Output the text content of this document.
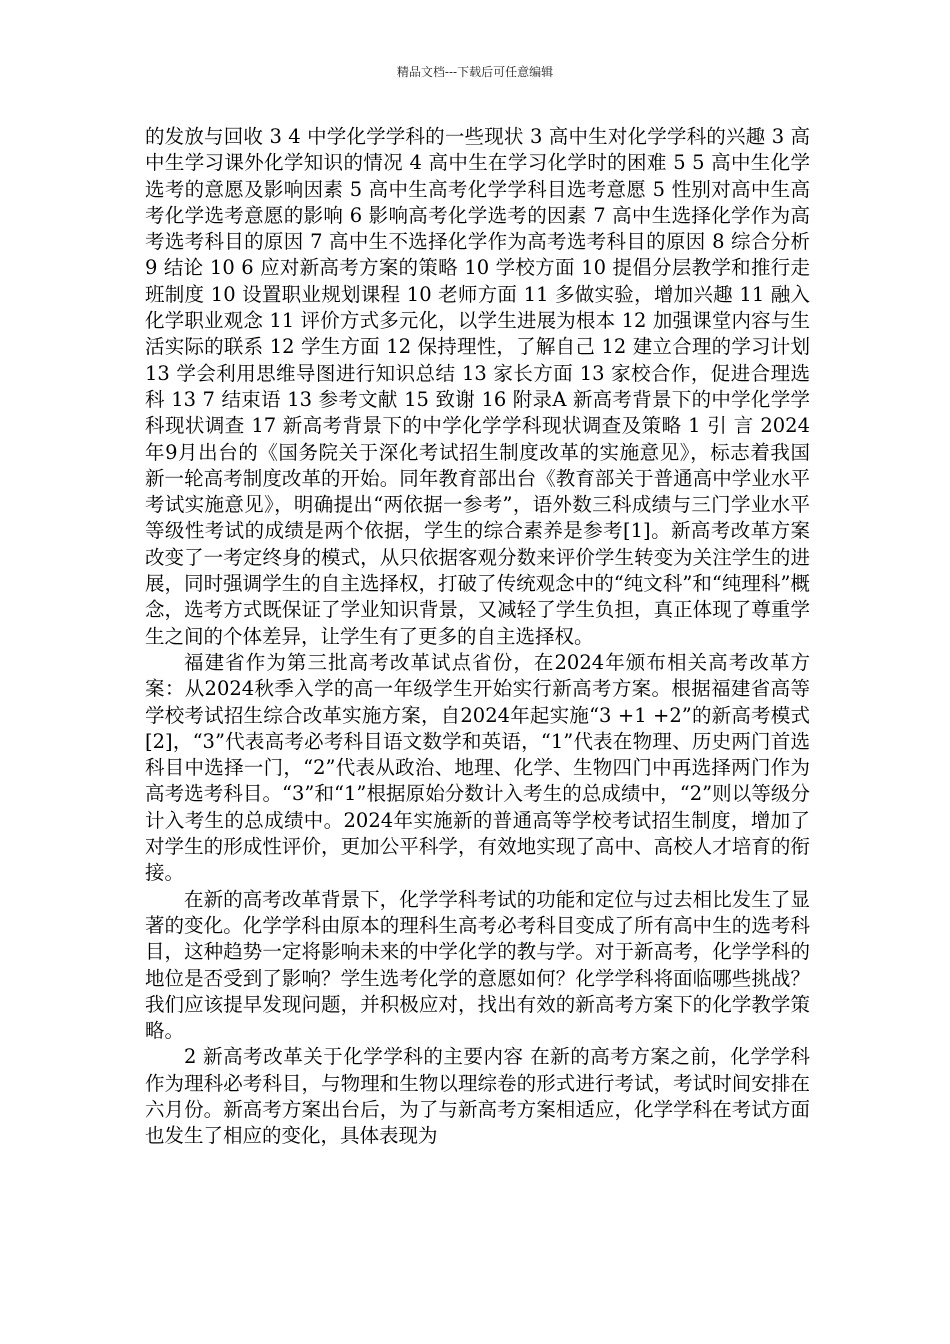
精品文档---下载后可任意编辑

的发放与回收 3 4 中学化学学科的一些现状 3 高中生对化学学科的兴趣 3 高中生学习课外化学知识的情况 4 高中生在学习化学时的困难 5 5 高中生化学选考的意愿及影响因素 5 高中生高考化学学科目选考意愿 5 性别对高中生高考化学选考意愿的影响 6 影响高考化学选考的因素 7 高中生选择化学作为高考选考科目的原因 7 高中生不选择化学作为高考选考科目的原因 8 综合分析 9 结论 10 6 应对新高考方案的策略 10 学校方面 10 提倡分层教学和推行走班制度 10 设置职业规划课程 10 老师方面 11 多做实验，增加兴趣 11 融入化学职业观念 11 评价方式多元化，以学生进展为根本 12 加强课堂内容与生活实际的联系 12 学生方面 12 保持理性，了解自己 12 建立合理的学习计划 13 学会利用思维导图进行知识总结 13 家长方面 13 家校合作，促进合理选科 13 7 结束语 13 参考文献 15 致谢 16 附录A 新高考背景下的中学化学学科现状调查 17 新高考背景下的中学化学学科现状调查及策略 1 引 言 2024年9月出台的《国务院关于深化考试招生制度改革的实施意见》，标志着我国新一轮高考制度改革的开始。同年教育部出台《教育部关于普通高中学业水平考试实施意见》，明确提出“两依据一参考”，语外数三科成绩与三门学业水平等级性考试的成绩是两个依据，学生的综合素养是参考[1]。新高考改革方案改变了一考定终身的模式，从只依据客观分数来评价学生转变为关注学生的进展，同时强调学生的自主选择权，打破了传统观念中的“纯文科”和“纯理科”概念，选考方式既保证了学业知识背景，又减轻了学生负担，真正体现了尊重学生之间的个体差异，让学生有了更多的自主选择权。

福建省作为第三批高考改革试点省份，在2024年颁布相关高考改革方案：从2024秋季入学的高一年级学生开始实行新高考方案。根据福建省高等学校考试招生综合改革实施方案，自2024年起实施“3 +1 +2”的新高考模式[2]，“3”代表高考必考科目语文数学和英语，“1”代表在物理、历史两门首选科目中选择一门，“2”代表从政治、地理、化学、生物四门中再选择两门作为高考选考科目。“3”和“1”根据原始分数计入考生的总成绩中，“2”则以等级分计入考生的总成绩中。2024年实施新的普通高等学校考试招生制度，增加了对学生的形成性评价，更加公平科学，有效地实现了高中、高校人才培育的衔接。

在新的高考改革背景下，化学学科考试的功能和定位与过去相比发生了显著的变化。化学学科由原本的理科生高考必考科目变成了所有高中生的选考科目，这种趋势一定将影响未来的中学化学的教与学。对于新高考，化学学科的地位是否受到了影响？学生选考化学的意愿如何？化学学科将面临哪些挑战？我们应该提早发现问题，并积极应对，找出有效的新高考方案下的化学教学策略。

2 新高考改革关于化学学科的主要内容 在新的高考方案之前，化学学科作为理科必考科目，与物理和生物以理综卷的形式进行考试，考试时间安排在六月份。新高考方案出台后，为了与新高考方案相适应，化学学科在考试方面也发生了相应的变化，具体表现为
